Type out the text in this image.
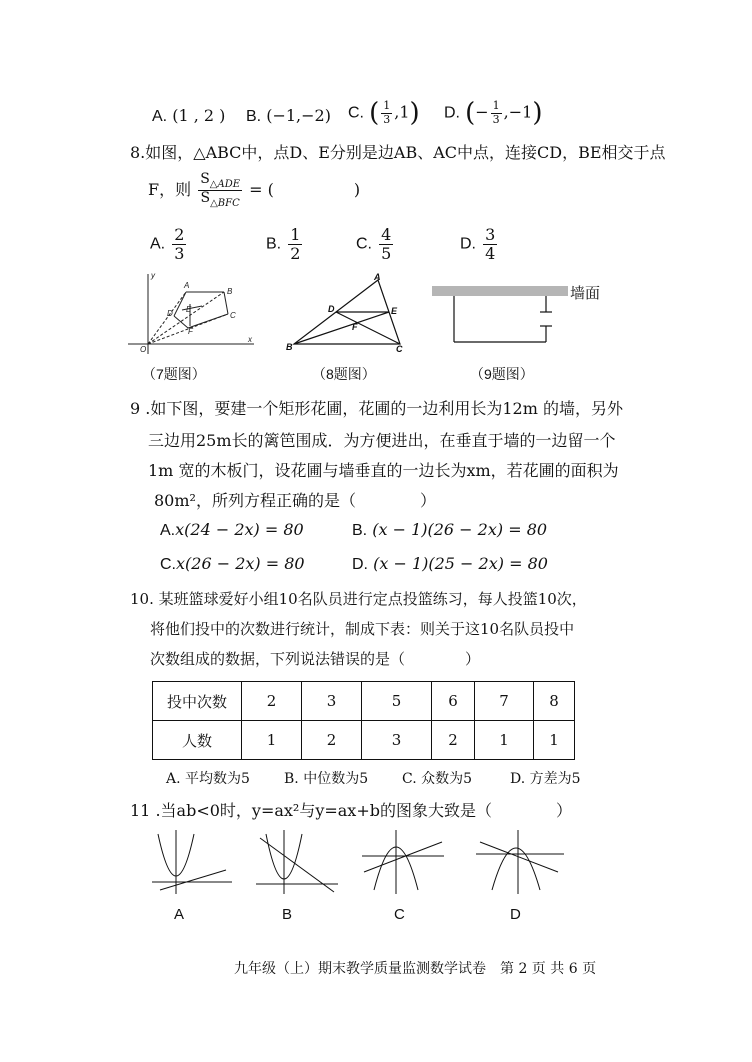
A. (1 , 2 ) B. (−1,−2) C. ( $\frac{1}{3} ,1$) D. (− $\frac{1}{3} ,-1$)
8.如图，△ABC中，点D、E分别是边AB、AC中点，连接CD，BE相交于点
F，则 $\frac{S_{\triangle ADE}}{S_{\triangle BFC}}$ = (　　　　　)
A. $\frac{2}{3}$	B. $\frac{1}{2}$	C. $\frac{4}{5}$	D. $\frac{3}{4}$
y
x
O
A
B
C
D E
F
A
B	C
D	E
F
墙面
（7题图）	（8题图）	（9题图）
9 .如下图，要建一个矩形花圃，花圃的一边利用长为12m 的墙，另外
三边用25m长的篱笆围成．为方便进出，在垂直于墙的一边留一个
1m 宽的木板门，设花圃与墙垂直的一边长为xm，若花圃的面积为
80m²，所列方程正确的是（　　　　）
A.x(24 − 2x) = 80	B. (x − 1)(26 − 2x) = 80
C.x(26 − 2x) = 80	D. (x − 1)(25 − 2x) = 80
10. 某班篮球爱好小组10名队员进行定点投篮练习，每人投篮10次，
将他们投中的次数进行统计，制成下表：则关于这10名队员投中
次数组成的数据，下列说法错误的是（　　　　）
投中次数	2	3	5	6	7	8
人数	1	2	3	2	1	1
A. 平均数为5 B. 中位数为5 C. 众数为5	D. 方差为5
11 .当ab<0时，y=ax²与y=ax+b的图象大致是（　　　　）
A	B	C	D
九年级（上）期末教学质量监测数学试卷　第 2 页 共 6 页
